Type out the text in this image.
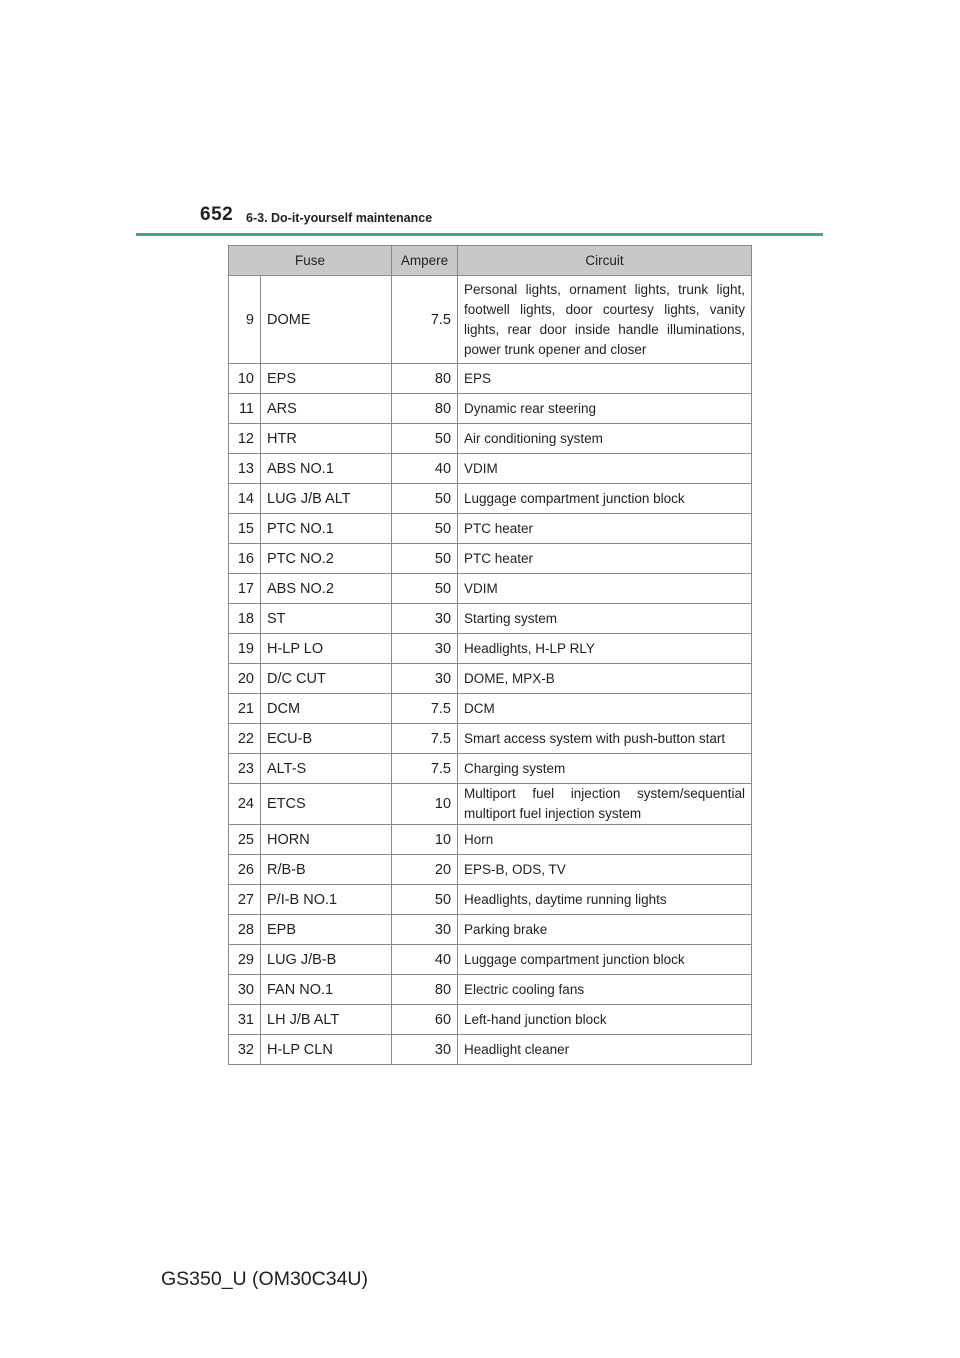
652 6-3. Do-it-yourself maintenance
Fuse		Ampere	Circuit
9	DOME	7.5	Personal lights, ornament lights, trunk light, footwell lights, door courtesy lights, vanity lights, rear door inside handle illuminations, power trunk opener and closer
10	EPS	80	EPS
11	ARS	80	Dynamic rear steering
12	HTR	50	Air conditioning system
13	ABS NO.1	40	VDIM
14	LUG J/B ALT	50	Luggage compartment junction block
15	PTC NO.1	50	PTC heater
16	PTC NO.2	50	PTC heater
17	ABS NO.2	50	VDIM
18	ST	30	Starting system
19	H-LP LO	30	Headlights, H-LP RLY
20	D/C CUT	30	DOME, MPX-B
21	DCM	7.5	DCM
22	ECU-B	7.5	Smart access system with push-button start
23	ALT-S	7.5	Charging system
24	ETCS	10	Multiport fuel injection system/sequential multiport fuel injection system
25	HORN	10	Horn
26	R/B-B	20	EPS-B, ODS, TV
27	P/I-B NO.1	50	Headlights, daytime running lights
28	EPB	30	Parking brake
29	LUG J/B-B	40	Luggage compartment junction block
30	FAN NO.1	80	Electric cooling fans
31	LH J/B ALT	60	Left-hand junction block
32	H-LP CLN	30	Headlight cleaner
GS350_U (OM30C34U)
